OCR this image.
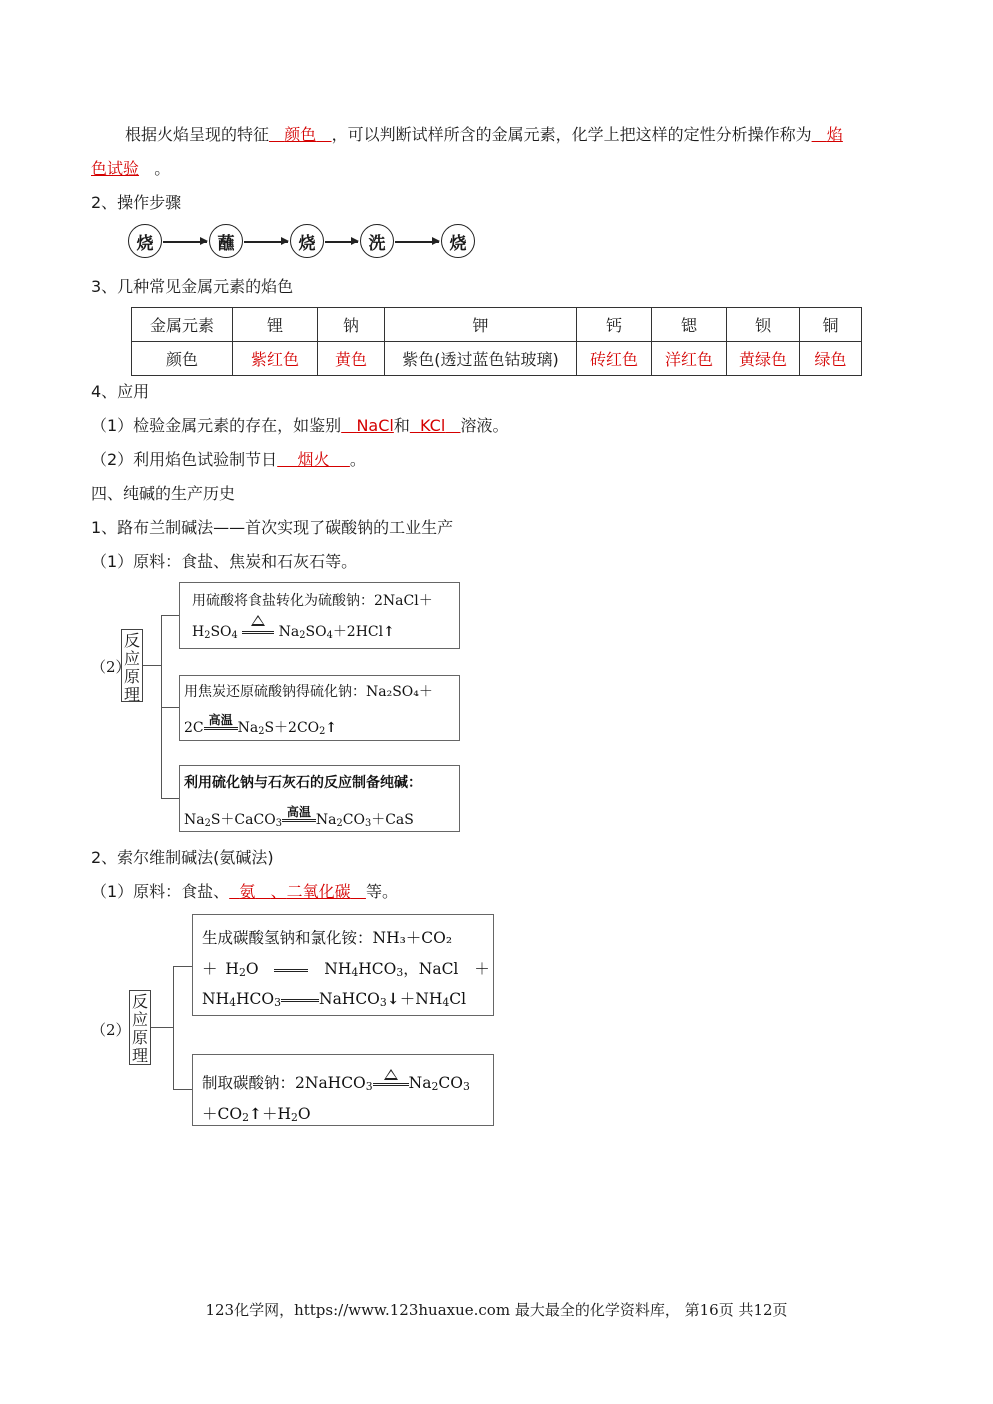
根据火焰呈现的特征 颜色 ，可以判断试样所含的金属元素，化学上把这样的定性分析操作称为 焰
色试验 。
2、操作步骤
烧	蘸	烧	洗	烧
3、几种常见金属元素的焰色
金属元素	锂	钠	钾	钙	锶	钡	铜
颜色	紫红色	黄色	紫色(透过蓝色钴玻璃)	砖红色	洋红色	黄绿色	绿色
4、应用
（1）检验金属元素的存在，如鉴别 NaCl和 KCl 溶液。
（2）利用焰色试验制节日 烟火 。
四、纯碱的生产历史
1、路布兰制碱法——首次实现了碳酸钠的工业生产
（1）原料：食盐、焦炭和石灰石等。
（2）
反
应
原
理
用硫酸将食盐转化为硫酸钠：2NaCl＋
$H_2SO_4$	$Na_2SO_4+2HCl↑$
用焦炭还原硫酸钠得硫化钠：Na₂SO₄＋
2C
高温
$Na_2S+2CO_2↑$
利用硫化钠与石灰石的反应制备纯碱：
$Na_2S+CaCO_3$
高温
$Na_2CO_3+CaS$
2、索尔维制碱法(氨碱法)
（1）原料：食盐、 氨 、二氧化碳 等。
（2）
反
应
原
理
生成碳酸氢钠和氯化铵：NH₃＋CO₂
＋ $H_2O$
$NH_4HCO_3$，NaCl  ＋
$NH_4HCO_3$ $NaHCO_3↓+NH_4Cl$
制取碳酸钠：2NaHCO$_3$ $Na_2CO_3$
$+CO_2↑+H_2O$
123化学网，https://www.123huaxue.com 最大最全的化学资料库， 第16页 共12页
